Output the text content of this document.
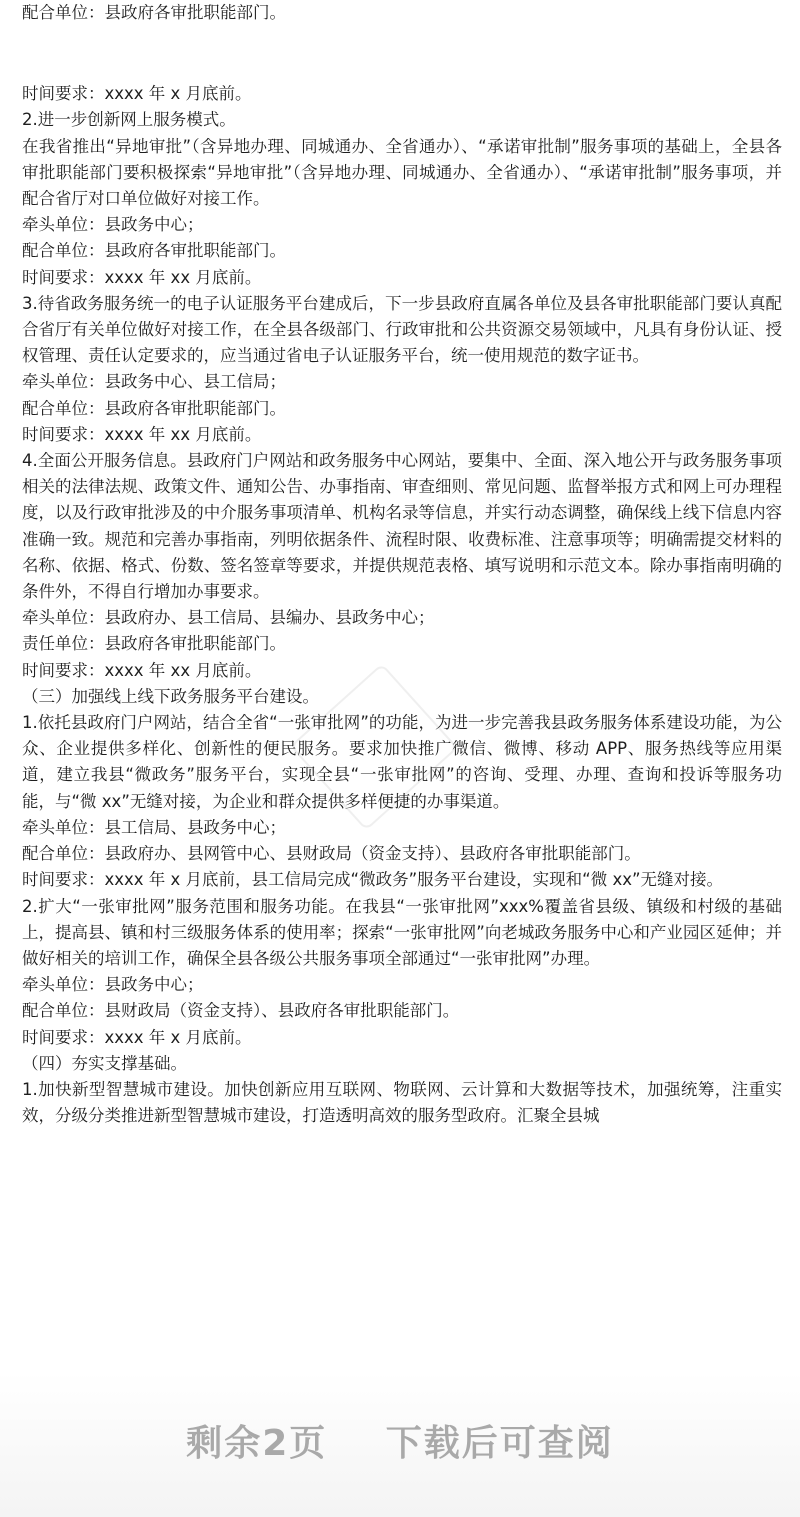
配合单位：县政府各审批职能部门。

时间要求：xxxx 年 x 月底前。

2.进一步创新网上服务模式。

在我省推出“异地审批”（含异地办理、同城通办、全省通办）、“承诺审批制”服务事项的基础上，全县各审批职能部门要积极探索“异地审批”（含异地办理、同城通办、全省通办）、“承诺审批制”服务事项，并配合省厅对口单位做好对接工作。

牵头单位：县政务中心；

配合单位：县政府各审批职能部门。

时间要求：xxxx 年 xx 月底前。

3.待省政务服务统一的电子认证服务平台建成后，下一步县政府直属各单位及县各审批职能部门要认真配合省厅有关单位做好对接工作，在全县各级部门、行政审批和公共资源交易领域中，凡具有身份认证、授权管理、责任认定要求的，应当通过省电子认证服务平台，统一使用规范的数字证书。

牵头单位：县政务中心、县工信局；

配合单位：县政府各审批职能部门。

时间要求：xxxx 年 xx 月底前。

4.全面公开服务信息。县政府门户网站和政务服务中心网站，要集中、全面、深入地公开与政务服务事项相关的法律法规、政策文件、通知公告、办事指南、审查细则、常见问题、监督举报方式和网上可办理程度，以及行政审批涉及的中介服务事项清单、机构名录等信息，并实行动态调整，确保线上线下信息内容准确一致。规范和完善办事指南，列明依据条件、流程时限、收费标准、注意事项等；明确需提交材料的名称、依据、格式、份数、签名签章等要求，并提供规范表格、填写说明和示范文本。除办事指南明确的条件外，不得自行增加办事要求。

牵头单位：县政府办、县工信局、县编办、县政务中心；

责任单位：县政府各审批职能部门。

时间要求：xxxx 年 xx 月底前。

（三）加强线上线下政务服务平台建设。

1.依托县政府门户网站，结合全省“一张审批网”的功能，为进一步完善我县政务服务体系建设功能，为公众、企业提供多样化、创新性的便民服务。要求加快推广微信、微博、移动 APP、服务热线等应用渠道，建立我县“微政务”服务平台，实现全县“一张审批网”的咨询、受理、办理、查询和投诉等服务功能，与“微 xx”无缝对接，为企业和群众提供多样便捷的办事渠道。

牵头单位：县工信局、县政务中心；

配合单位：县政府办、县网管中心、县财政局（资金支持）、县政府各审批职能部门。

时间要求：xxxx 年 x 月底前，县工信局完成“微政务”服务平台建设，实现和“微 xx”无缝对接。

2.扩大“一张审批网”服务范围和服务功能。在我县“一张审批网”xxx%覆盖省县级、镇级和村级的基础上，提高县、镇和村三级服务体系的使用率；探索“一张审批网”向老城政务服务中心和产业园区延伸；并做好相关的培训工作，确保全县各级公共服务事项全部通过“一张审批网”办理。

牵头单位：县政务中心；

配合单位：县财政局（资金支持）、县政府各审批职能部门。

时间要求：xxxx 年 x 月底前。

（四）夯实支撑基础。

1.加快新型智慧城市建设。加快创新应用互联网、物联网、云计算和大数据等技术，加强统筹，注重实效，分级分类推进新型智慧城市建设，打造透明高效的服务型政府。汇聚全县城

剩余2页 下载后可查阅
